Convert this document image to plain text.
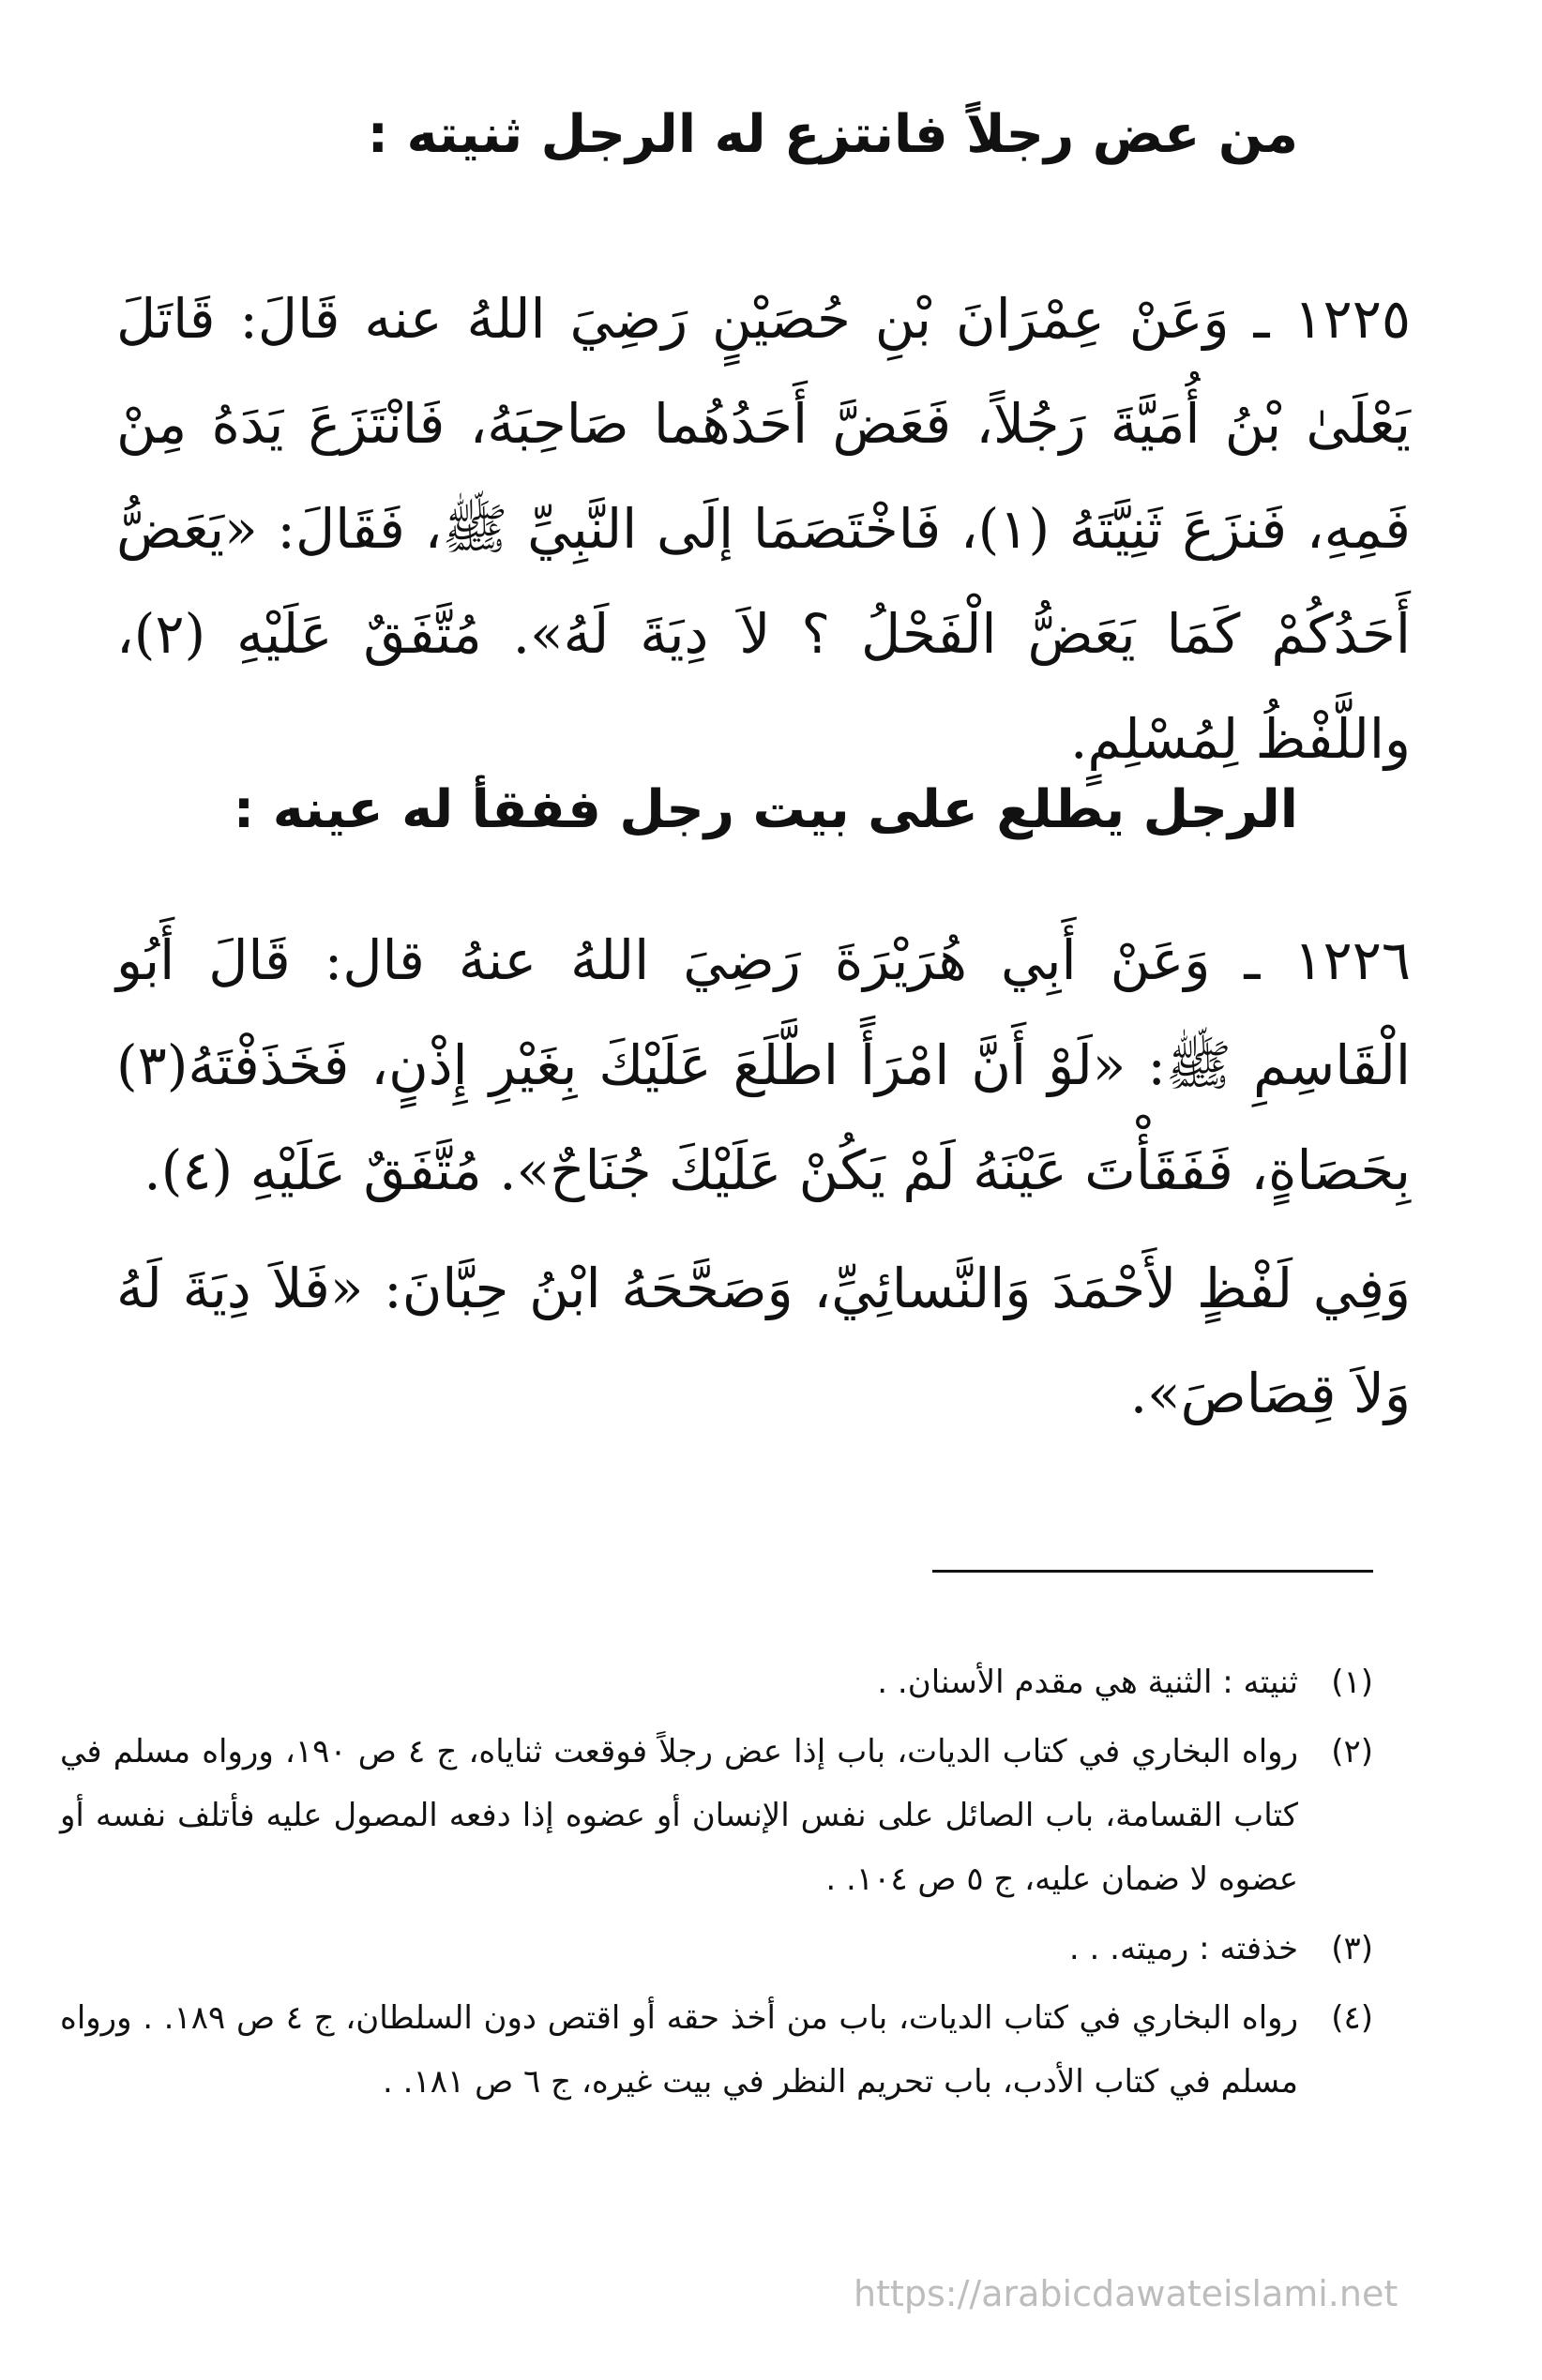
من عض رجلاً فانتزع له الرجل ثنيته :
١٢٢٥ ـ وَعَنْ عِمْرَانَ بْنِ حُصَيْنٍ رَضِيَ اللهُ عنه قَالَ: قَاتَلَ يَعْلَىٰ بْنُ أُمَيَّةَ رَجُلاً، فَعَضَّ أَحَدُهُما صَاحِبَهُ، فَانْتَزَعَ يَدَهُ مِنْ فَمِهِ، فَنزَعَ ثَنِيَّتَهُ (١)، فَاخْتَصَمَا إلَى النَّبِيِّ ﷺ، فَقَالَ: «يَعَضُّ أَحَدُكُمْ كَمَا يَعَضُّ الْفَحْلُ ؟ لاَ دِيَةَ لَهُ». مُتَّفَقٌ عَلَيْهِ (٢)، واللَّفْظُ لِمُسْلِمٍ.
الرجل يطلع على بيت رجل ففقأ له عينه :
١٢٢٦ ـ وَعَنْ أَبِي هُرَيْرَةَ رَضِيَ اللهُ عنهُ قال: قَالَ أَبُو الْقَاسِمِ ﷺ: «لَوْ أَنَّ امْرَأً اطَّلَعَ عَلَيْكَ بِغَيْرِ إِذْنٍ، فَخَذَفْتَهُ(٣) بِحَصَاةٍ، فَفَقَأْتَ عَيْنَهُ لَمْ يَكُنْ عَلَيْكَ جُنَاحٌ». مُتَّفَقٌ عَلَيْهِ (٤).
وَفِي لَفْظٍ لأَحْمَدَ وَالنَّسائِيِّ، وَصَحَّحَهُ ابْنُ حِبَّانَ: «فَلاَ دِيَةَ لَهُ وَلاَ قِصَاصَ».
(١)
ثنيته : الثنية هي مقدم الأسنان. .
(٢)
رواه البخاري في كتاب الديات، باب إذا عض رجلاً فوقعت ثناياه، ج ٤ ص ١٩٠، ورواه مسلم في كتاب القسامة، باب الصائل على نفس الإنسان أو عضوه إذا دفعه المصول عليه فأتلف نفسه أو عضوه لا ضمان عليه، ج ٥ ص ١٠٤. .
(٣)
خذفته : رميته. . .
(٤)
رواه البخاري في كتاب الديات، باب من أخذ حقه أو اقتص دون السلطان، ج ٤ ص ١٨٩. . ورواه مسلم في كتاب الأدب، باب تحريم النظر في بيت غيره، ج ٦ ص ١٨١. .
https://arabicdawateislami.net
